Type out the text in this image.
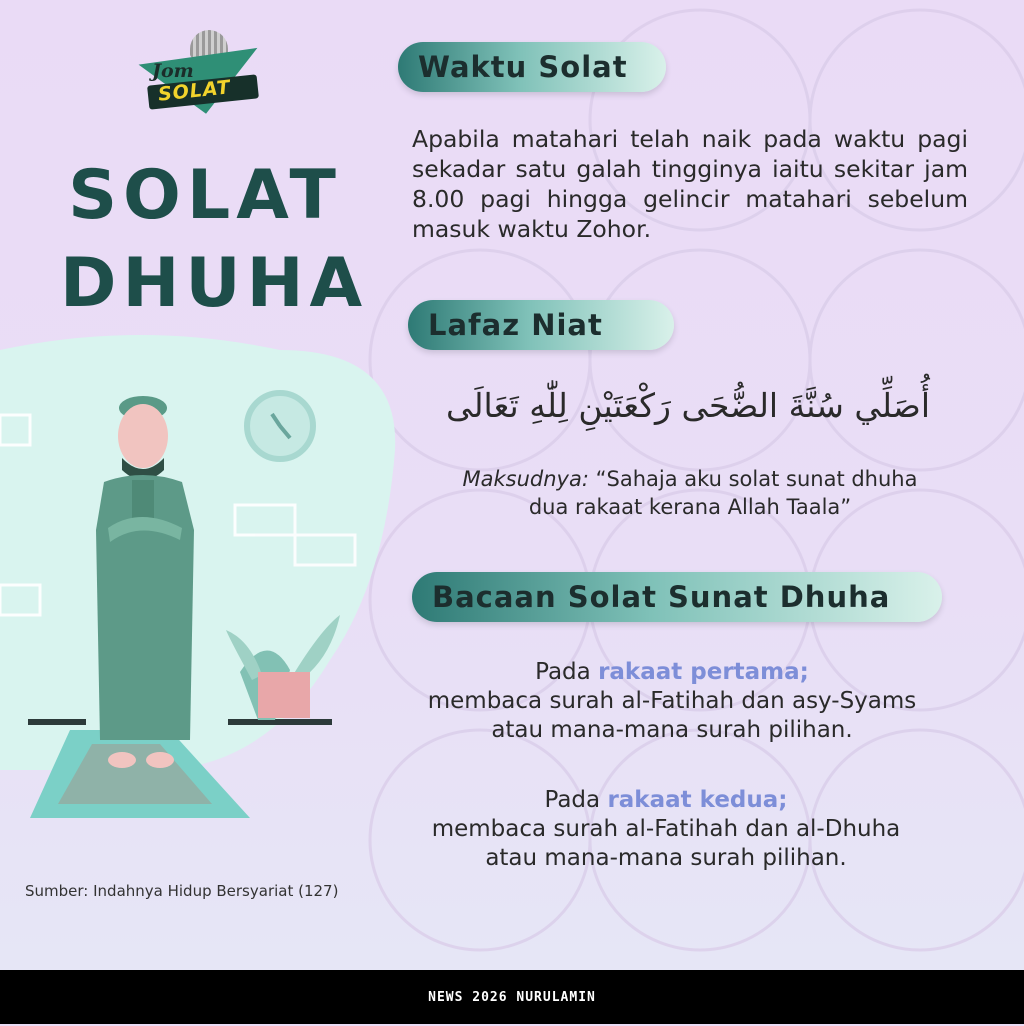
Jom
SOLAT
SOLAT
DHUHA
Waktu Solat
Apabila matahari telah naik pada waktu pagi sekadar satu galah tingginya iaitu sekitar jam 8.00 pagi hingga gelincir matahari sebelum masuk waktu Zohor.
Lafaz Niat
أُصَلِّي سُنَّةَ الضُّحَى رَكْعَتَيْنِ لِلّٰهِ تَعَالَى
Maksudnya: “Sahaja aku solat sunat dhuha
dua rakaat kerana Allah Taala”
Bacaan Solat Sunat Dhuha
Pada rakaat pertama;
membaca surah al-Fatihah dan asy-Syams
atau mana-mana surah pilihan.
Pada rakaat kedua;
membaca surah al-Fatihah dan al-Dhuha
atau mana-mana surah pilihan.
Sumber: Indahnya Hidup Bersyariat (127)
NEWS 2026 NURULAMIN
